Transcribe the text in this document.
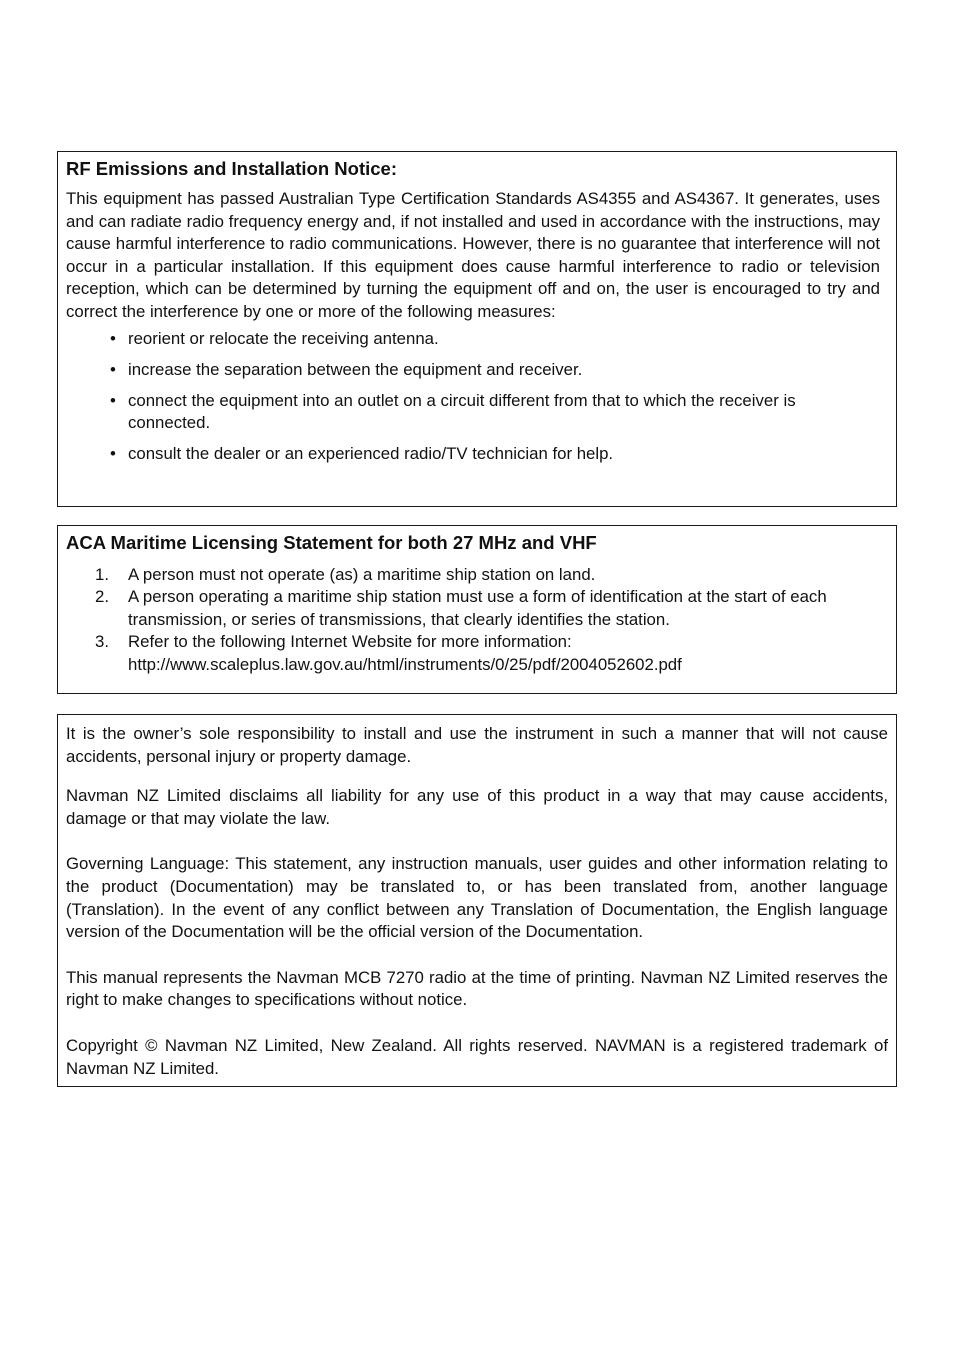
RF Emissions and Installation Notice:

This equipment has passed Australian Type Certification Standards AS4355 and AS4367. It generates, uses and can radiate radio frequency energy and, if not installed and used in accordance with the instructions, may cause harmful interference to radio communications. However, there is no guarantee that interference will not occur in a particular installation. If this equipment does cause harmful interference to radio or television reception, which can be determined by turning the equipment off and on, the user is encouraged to try and correct the interference by one or more of the following measures:

• reorient or relocate the receiving antenna.
• increase the separation between the equipment and receiver.
• connect the equipment into an outlet on a circuit different from that to which the receiver is connected.
• consult the dealer or an experienced radio/TV technician for help.
ACA Maritime Licensing Statement for both 27 MHz and VHF
1. A person must not operate (as) a maritime ship station on land.
2. A person operating a maritime ship station must use a form of identification at the start of each transmission, or series of transmissions, that clearly identifies the station.
3. Refer to the following Internet Website for more information:
http://www.scaleplus.law.gov.au/html/instruments/0/25/pdf/2004052602.pdf

It is the owner’s sole responsibility to install and use the instrument in such a manner that will not cause accidents, personal injury or property damage.

Navman NZ Limited disclaims all liability for any use of this product in a way that may cause accidents, damage or that may violate the law.

Governing Language: This statement, any instruction manuals, user guides and other information relating to the product (Documentation) may be translated to, or has been translated from, another language (Translation). In the event of any conflict between any Translation of Documentation, the English language version of the Documentation will be the official version of the Documentation.

This manual represents the Navman MCB 7270 radio at the time of printing. Navman NZ Limited reserves the right to make changes to specifications without notice.

Copyright © Navman NZ Limited, New Zealand. All rights reserved. NAVMAN is a registered trademark of Navman NZ Limited.
